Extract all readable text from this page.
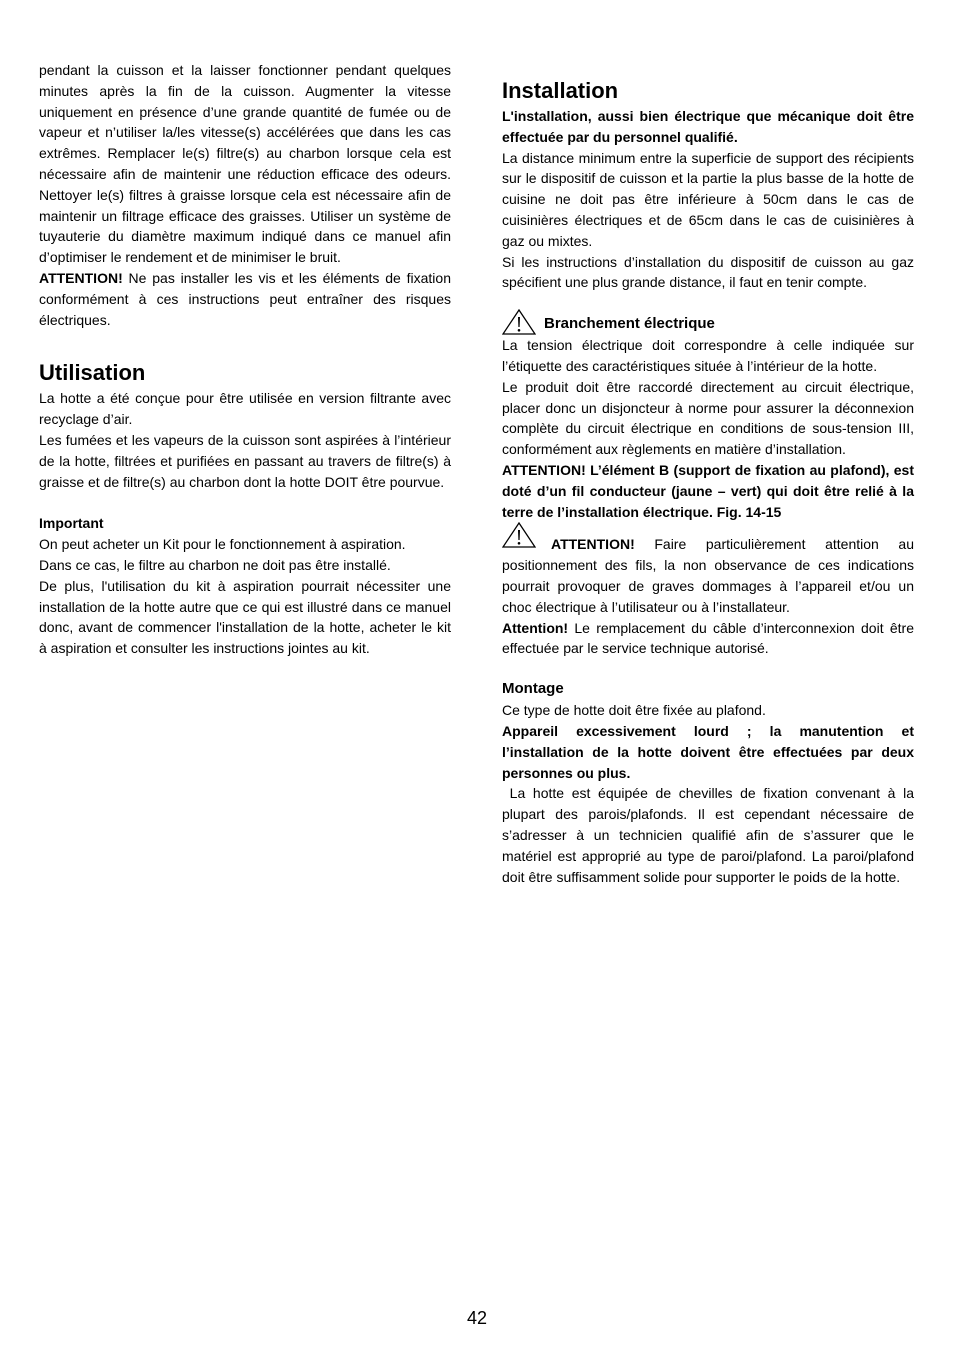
pendant la cuisson et la laisser fonctionner pendant quelques minutes après la fin de la cuisson. Augmenter la vitesse uniquement en présence d’une grande quantité de fumée ou de vapeur et n’utiliser la/les vitesse(s) accélérées que dans les cas extrêmes. Remplacer le(s) filtre(s) au charbon lorsque cela est nécessaire afin de maintenir une réduction efficace des odeurs. Nettoyer le(s) filtres à graisse lorsque cela est nécessaire afin de maintenir un filtrage efficace des graisses. Utiliser un système de tuyauterie du diamètre maximum indiqué dans ce manuel afin d’optimiser le rendement et de minimiser le bruit.

ATTENTION! Ne pas installer les vis et les éléments de fixation conformément à ces instructions peut entraîner des risques électriques.

Utilisation

La hotte a été conçue pour être utilisée en version filtrante avec recyclage d’air.

Les fumées et les vapeurs de la cuisson sont aspirées à l’intérieur de la hotte, filtrées et purifiées en passant au travers de filtre(s) à graisse et de filtre(s) au charbon dont la hotte DOIT être pourvue.

Important

On peut acheter un Kit pour le fonctionnement à aspiration.

Dans ce cas, le filtre au charbon ne doit pas être installé.

De plus, l'utilisation du kit à aspiration pourrait nécessiter une installation de la hotte autre que ce qui est illustré dans ce manuel donc, avant de commencer l'installation de la hotte, acheter le kit à aspiration et consulter les instructions jointes au kit.

Installation

L'installation, aussi bien électrique que mécanique doit être effectuée par du personnel qualifié.

La distance minimum entre la superficie de support des récipients sur le dispositif de cuisson et la partie la plus basse de la hotte de cuisine ne doit pas être inférieure à 50cm dans le cas de cuisinières électriques et de 65cm dans le cas de cuisinières à gaz ou mixtes.

Si les instructions d’installation du dispositif de cuisson au gaz spécifient une plus grande distance, il faut en tenir compte.

Branchement électrique

La tension électrique doit correspondre à celle indiquée sur l’étiquette des caractéristiques située à l’intérieur de la hotte.

Le produit doit être raccordé directement au circuit électrique, placer donc un disjoncteur à norme pour assurer la déconnexion complète du circuit électrique en conditions de sous-tension III, conformément aux règlements en matière d’installation.

ATTENTION! L’élément B (support de fixation au plafond), est doté d’un fil conducteur (jaune – vert) qui doit être relié à la terre de l’installation électrique. Fig. 14-15

ATTENTION! Faire particulièrement attention au positionnement des fils, la non observance de ces indications pourrait provoquer de graves dommages à l’appareil et/ou un choc électrique à l’utilisateur ou à l’installateur.

Attention! Le remplacement du câble d’interconnexion doit être effectuée par le service technique autorisé.

Montage

Ce type de hotte doit être fixée au plafond.

Appareil excessivement lourd ; la manutention et l’installation de la hotte doivent être effectuées par deux personnes ou plus.

La hotte est équipée de chevilles de fixation convenant à la plupart des parois/plafonds. Il est cependant nécessaire de s’adresser à un technicien qualifié afin de s’assurer que le matériel est approprié au type de paroi/plafond. La paroi/plafond doit être suffisamment solide pour supporter le poids de la hotte.

42
